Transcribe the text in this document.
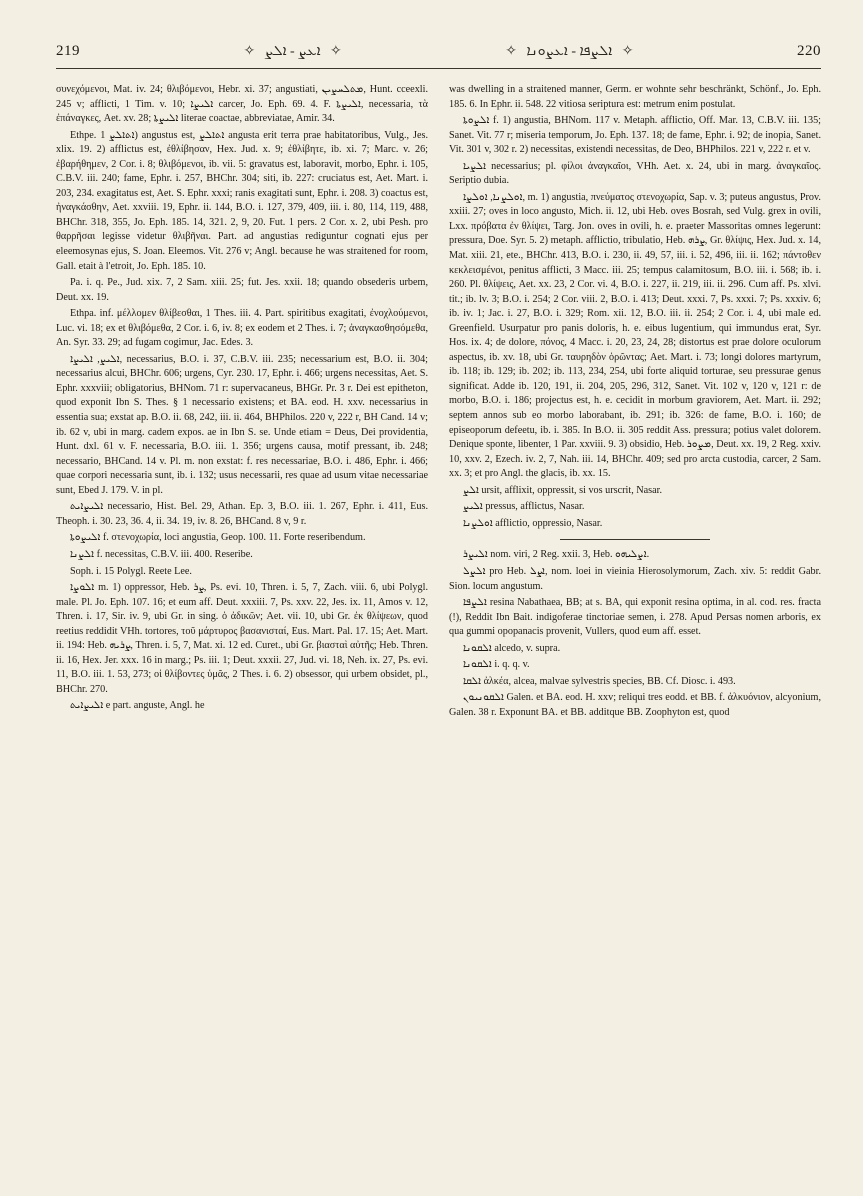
219	✧ ܐܥܨ - ܐܠܨ ✧	✧ ܐܠܨܦܐ - ܐܥܨܘܢܐ ✧	220

συνεχόμενοι, Mat. iv. 24; θλιβόμενοι, Hebr. xi. 37; angustiati, ܡܬܠܚܨܝܢ, Hunt. cceexli. 245 v; afflicti, 1 Tim. v. 10; ܐܠܝܨܐ carcer, Jo. Eph. 69. 4. F. ܐܠܝܨܬܐ, necessaria, τὰ ἐπάναγκες, Aet. xv. 28; ܐܠܝܨܬܐ literae coactae, abbreviatae, Amir. 34.

Ethpe. ܐܬܐܠܨ 1) angustus est, ܐܬܐܠܨ angusta erit terra prae habitatoribus, Vulg., Jes. xlix. 19. 2) afflictus est, ἐθλίβησαν, Hex. Jud. x. 9; ἐθλίβητε, ib. xi. 7; Marc. v. 26; ἐβαρήθημεν, 2 Cor. i. 8; θλιβόμενοι, ib. vii. 5: gravatus est, laboravit, morbo, Ephr. i. 105, C.B.V. iii. 240; fame, Ephr. i. 257, BHChr. 304; siti, ib. 227: cruciatus est, Aet. Mart. i. 203, 234. exagitatus est, Aet. S. Ephr. xxxi; ranis exagitati sunt, Ephr. i. 208. 3) coactus est, ἠναγκάσθην, Aet. xxviii. 19, Ephr. ii. 144, B.O. i. 127, 379, 409, iii. i. 80, 114, 119, 488, BHChr. 318, 355, Jo. Eph. 185. 14, 321. 2, 9, 20. Fut. 1 pers. 2 Cor. x. 2, ubi Pesh. pro θαρρῆσαι legisse videtur θλιβῆναι. Part. ad angustias rediguntur cognati ejus per eleemosynas ejus, S. Joan. Eleemos. Vit. 276 v; Angl. because he was straitened for room, Gall. etait à l'etroit, Jo. Eph. 185. 10.

Pa. i. q. Pe., Jud. xix. 7, 2 Sam. xiii. 25; fut. Jes. xxii. 18; quando obsederis urbem, Deut. xx. 19.

Ethpa. inf. μέλλομεν θλίβεσθαι, 1 Thes. iii. 4. Part. spiritibus exagitati, ἐνοχλούμενοι, Luc. vi. 18; ex et θλιβόμεθα, 2 Cor. i. 6, iv. 8; ex eodem et 2 Thes. i. 7; ἀναγκασθησόμεθα, An. Syr. 33. 29; ad fugam cogimur, Jac. Edes. 3.

ܐܠܝܨ, ܐܠܝܨܐ, necessarius, B.O. i. 37, C.B.V. iii. 235; necessarium est, B.O. ii. 304; necessarius alcui, BHChr. 606; urgens, Cyr. 230. 17, Ephr. i. 466; urgens necessitas, Aet. S. Ephr. xxxviii; obligatorius, BHNom. 71 r: supervacaneus, BHGr. Pr. 3 r. Dei est epitheton, quod exponit Ibn S. Thes. § 1 necessario existens; et BA. eod. H. xxv. necessarius in essentia sua; exstat ap. B.O. ii. 68, 242, iii. ii. 464, BHPhilos. 220 v, 222 r, BH Cand. 14 v; ib. 62 v, ubi in marg. cadem expos. ae in Ibn S. se. Unde etiam = Deus, Dei providentia, Hunt. dxl. 61 v. F. necessaria, B.O. iii. 1. 356; urgens causa, motif pressant, ib. 248; necessario, BHCand. 14 v. Pl. m. non exstat: f. res necessariae, B.O. i. 486, Ephr. i. 466; quae corpori necessaria sunt, ib. i. 132; usus necessarii, res quae ad usum vitae necessariae sunt, Ebed J. 179. V. in pl.

ܐܠܝܨܐܝܬ necessario, Hist. Bel. 29, Athan. Ep. 3, B.O. iii. 1. 267, Ephr. i. 411, Eus. Theoph. i. 30. 23, 36. 4, ii. 34. 19, iv. 8. 26, BHCand. 8 v, 9 r.

ܐܠܝܨܘܬܐ f. στενοχωρία, loci angustia, Geop. 100. 11. Forte reseribendum.

ܐܠܨܢܐ f. necessitas, C.B.V. iii. 400. Reseribe.

Soph. i. 15 Polygl. Reete Lee.

ܐܠܘܨܐ m. 1) oppressor, Heb. ܨܪ, Ps. evi. 10, Thren. i. 5, 7, Zach. viii. 6, ubi Polygl. male. Pl. Jo. Eph. 107. 16; et eum aff. Deut. xxxiii. 7, Ps. xxv. 22, Jes. ix. 11, Amos v. 12, Thren. i. 17, Sir. iv. 9, ubi Gr. in sing. ὁ ἀδικῶν; Aet. vii. 10, ubi Gr. ἐκ θλίψεων, quod reetius reddidit VHh. tortores, τοῦ μάρτυρος βασανισταί, Eus. Mart. Pal. 17. 15; Aet. Mart. ii. 194: Heb. ܨܪܝܗ, Thren. i. 5, 7, Mat. xi. 12 ed. Curet., ubi Gr. βιασταὶ αὐτῆς; Heb. Thren. ii. 16, Hex. Jer. xxx. 16 in marg.; Ps. iii. 1; Deut. xxxii. 27, Jud. vi. 18, Neh. ix. 27, Ps. evi. 11, B.O. iii. 1. 53, 273; οἱ θλίβοντες ὑμᾶς, 2 Thes. i. 6. 2) obsessor, qui urbem obsidet, pl., BHChr. 270.

ܐܠܝܨܐܝܬ e part. anguste, Angl. he

was dwelling in a straitened manner, Germ. er wohnte sehr beschränkt, Schönf., Jo. Eph. 185. 6. In Ephr. ii. 548. 22 vitiosa seriptura est: metrum enim postulat.

ܐܠܨܘܬܐ f. 1) angustia, BHNom. 117 v. Metaph. afflictio, Off. Mar. 13, C.B.V. iii. 135; Sanet. Vit. 77 r; miseria temporum, Jo. Eph. 137. 18; de fame, Ephr. i. 92; de inopia, Sanet. Vit. 301 v, 302 r. 2) necessitas, existendi necessitas, de Deo, BHPhilos. 221 v, 222 r. et v.

ܐܠܨܝܐ necessarius; pl. φίλοι ἀναγκαῖοι, VHh. Aet. x. 24, ubi in marg. ἀναγκαῖος. Seriptio dubia.

ܐܘܠܨܢܐ, ܐܘܠܨܐ, m. 1) angustia, πνεύματος στενοχωρία, Sap. v. 3; puteus angustus, Prov. xxiii. 27; oves in loco angusto, Mich. ii. 12, ubi Heb. oves Bosrah, sed Vulg. grex in ovili, Lxx. πρόβατα ἐν θλίψει, Targ. Jon. oves in ovili, h. e. praeter Massoritas omnes legerunt: pressura, Doe. Syr. 5. 2) metaph. afflictio, tribulatio, Heb. ܨܪܗ, Gr. θλίψις, Hex. Jud. x. 14, Mat. xiii. 21, ete., BHChr. 413, B.O. i. 230, ii. 49, 57, iii. i. 52, 496, iii. ii. 162; πάντοθεν κεκλεισμένοι, penitus afflicti, 3 Macc. iii. 25; tempus calamitosum, B.O. iii. i. 568; ib. i. 260. Pl. θλίψεις, Aet. xx. 23, 2 Cor. vi. 4, B.O. i. 227, ii. 219, iii. ii. 296. Cum aff. Ps. xlvi. tit.; ib. lv. 3; B.O. i. 254; 2 Cor. viii. 2, B.O. i. 413; Deut. xxxi. 7, Ps. xxxi. 7; Ps. xxxiv. 6; ib. iv. 1; Jac. i. 27, B.O. i. 329; Rom. xii. 12, B.O. iii. ii. 254; 2 Cor. i. 4, ubi male ed. Greenfield. Usurpatur pro panis doloris, h. e. eibus lugentium, qui immundus erat, Syr. Hos. ix. 4; de dolore, πόνος, 4 Macc. i. 20, 23, 24, 28; distortus est prae dolore oculorum aspectus, ib. xv. 18, ubi Gr. ταυρηδὸν ὁρῶντας; Aet. Mart. i. 73; longi dolores martyrum, ib. 118; ib. 129; ib. 202; ib. 113, 234, 254, ubi forte aliquid torturae, seu pressurae genus significat. Adde ib. 120, 191, ii. 204, 205, 296, 312, Sanet. Vit. 102 v, 120 v, 121 r: de morbo, B.O. i. 186; projectus est, h. e. cecidit in morbum graviorem, Aet. Mart. ii. 292; septem annos sub eo morbo laborabant, ib. 291; ib. 326: de fame, B.O. i. 160; de episeoporum defeetu, ib. i. 385. In B.O. ii. 305 reddit Ass. pressura; potius valet dolorem. Denique sponte, libenter, 1 Par. xxviii. 9. 3) obsidio, Heb. ܡܨܘܪ, Deut. xx. 19, 2 Reg. xxiv. 10, xxv. 2, Ezech. iv. 2, 7, Nah. iii. 14, BHChr. 409; sed pro arcta custodia, carcer, 2 Sam. xx. 3; et pro Angl. the glacis, ib. xx. 15.

ܐܠܨ ursit, afflixit, oppressit, si vos urscrit, Nasar.

ܐܠܝܨ pressus, afflictus, Nasar.

ܐܘܠܨܢܐ afflictio, oppressio, Nasar.

ܐܠܝܨܪ nom. viri, 2 Reg. xxii. 3, Heb. ܐܨܠܝܗܘ.

ܐܠܨܠ pro Heb. ܐܨܠ, nom. loei in vieinia Hierosolymorum, Zach. xiv. 5: reddit Gabr. Sion. locum angustum.

ܐܠܨܦܐ resina Nabathaea, BB; at s. BA, qui exponit resina optima, in al. cod. res. fracta (!), Reddit Ibn Bait. indigoferae tinctoriae semen, i. 278. Apud Persas nomen arboris, ex qua gummi opopanacis provenit, Vullers, quod eum aff. esset.

ܐܠܩܘܢܐ alcedo, v. supra.

ܐܠܩܘܢܐ i. q. q. v.

ܐܠܩܐ ἀλκέα, alcea, malvae sylvestris species, BB. Cf. Diosc. i. 493.

ܐܠܩܘܢܝܘܢ Galen. et BA. eod. H. xxv; reliqui tres eodd. et BB. f. ἀλκυόνιον, alcyonium, Galen. 38 r. Exponunt BA. et BB. additque BB. Zoophyton est, quod
